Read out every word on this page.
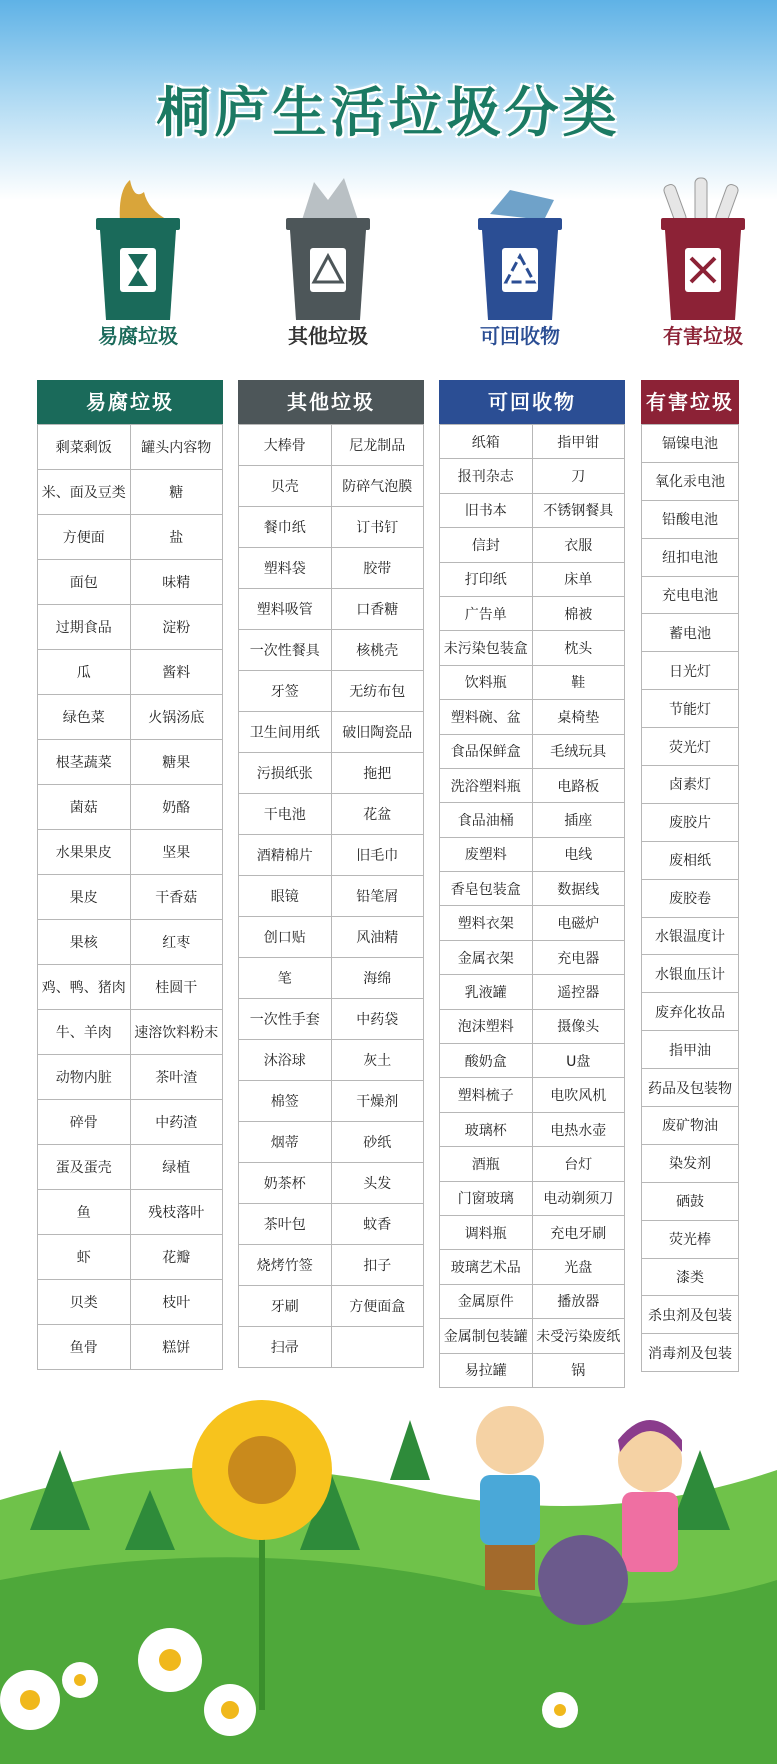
桐庐生活垃圾分类
易腐垃圾	其他垃圾	可回收物	有害垃圾
易腐垃圾
剩菜剩饭	罐头内容物
米、面及豆类	糖
方便面	盐
面包	味精
过期食品	淀粉
瓜	酱料
绿色菜	火锅汤底
根茎蔬菜	糖果
菌菇	奶酪
水果果皮	坚果
果皮	干香菇
果核	红枣
鸡、鸭、猪肉	桂圆干
牛、羊肉	速溶饮料粉末
动物内脏	茶叶渣
碎骨	中药渣
蛋及蛋壳	绿植
鱼	残枝落叶
虾	花瓣
贝类	枝叶
鱼骨	糕饼
其他垃圾
大棒骨	尼龙制品
贝壳	防碎气泡膜
餐巾纸	订书钉
塑料袋	胶带
塑料吸管	口香糖
一次性餐具	核桃壳
牙签	无纺布包
卫生间用纸	破旧陶瓷品
污损纸张	拖把
干电池	花盆
酒精棉片	旧毛巾
眼镜	铅笔屑
创口贴	风油精
笔	海绵
一次性手套	中药袋
沐浴球	灰土
棉签	干燥剂
烟蒂	砂纸
奶茶杯	头发
茶叶包	蚊香
烧烤竹签	扣子
牙刷	方便面盒
扫帚	
可回收物
纸箱	指甲钳
报刊杂志	刀
旧书本	不锈钢餐具
信封	衣服
打印纸	床单
广告单	棉被
未污染包装盒	枕头
饮料瓶	鞋
塑料碗、盆	桌椅垫
食品保鲜盒	毛绒玩具
洗浴塑料瓶	电路板
食品油桶	插座
废塑料	电线
香皂包装盒	数据线
塑料衣架	电磁炉
金属衣架	充电器
乳液罐	遥控器
泡沫塑料	摄像头
酸奶盒	U盘
塑料梳子	电吹风机
玻璃杯	电热水壶
酒瓶	台灯
门窗玻璃	电动剃须刀
调料瓶	充电牙刷
玻璃艺术品	光盘
金属原件	播放器
金属制包装罐	未受污染废纸
易拉罐	锅
有害垃圾
镉镍电池
氧化汞电池
铅酸电池
纽扣电池
充电电池
蓄电池
日光灯
节能灯
荧光灯
卤素灯
废胶片
废相纸
废胶卷
水银温度计
水银血压计
废弃化妆品
指甲油
药品及包装物
废矿物油
染发剂
硒鼓
荧光棒
漆类
杀虫剂及包装
消毒剂及包装
